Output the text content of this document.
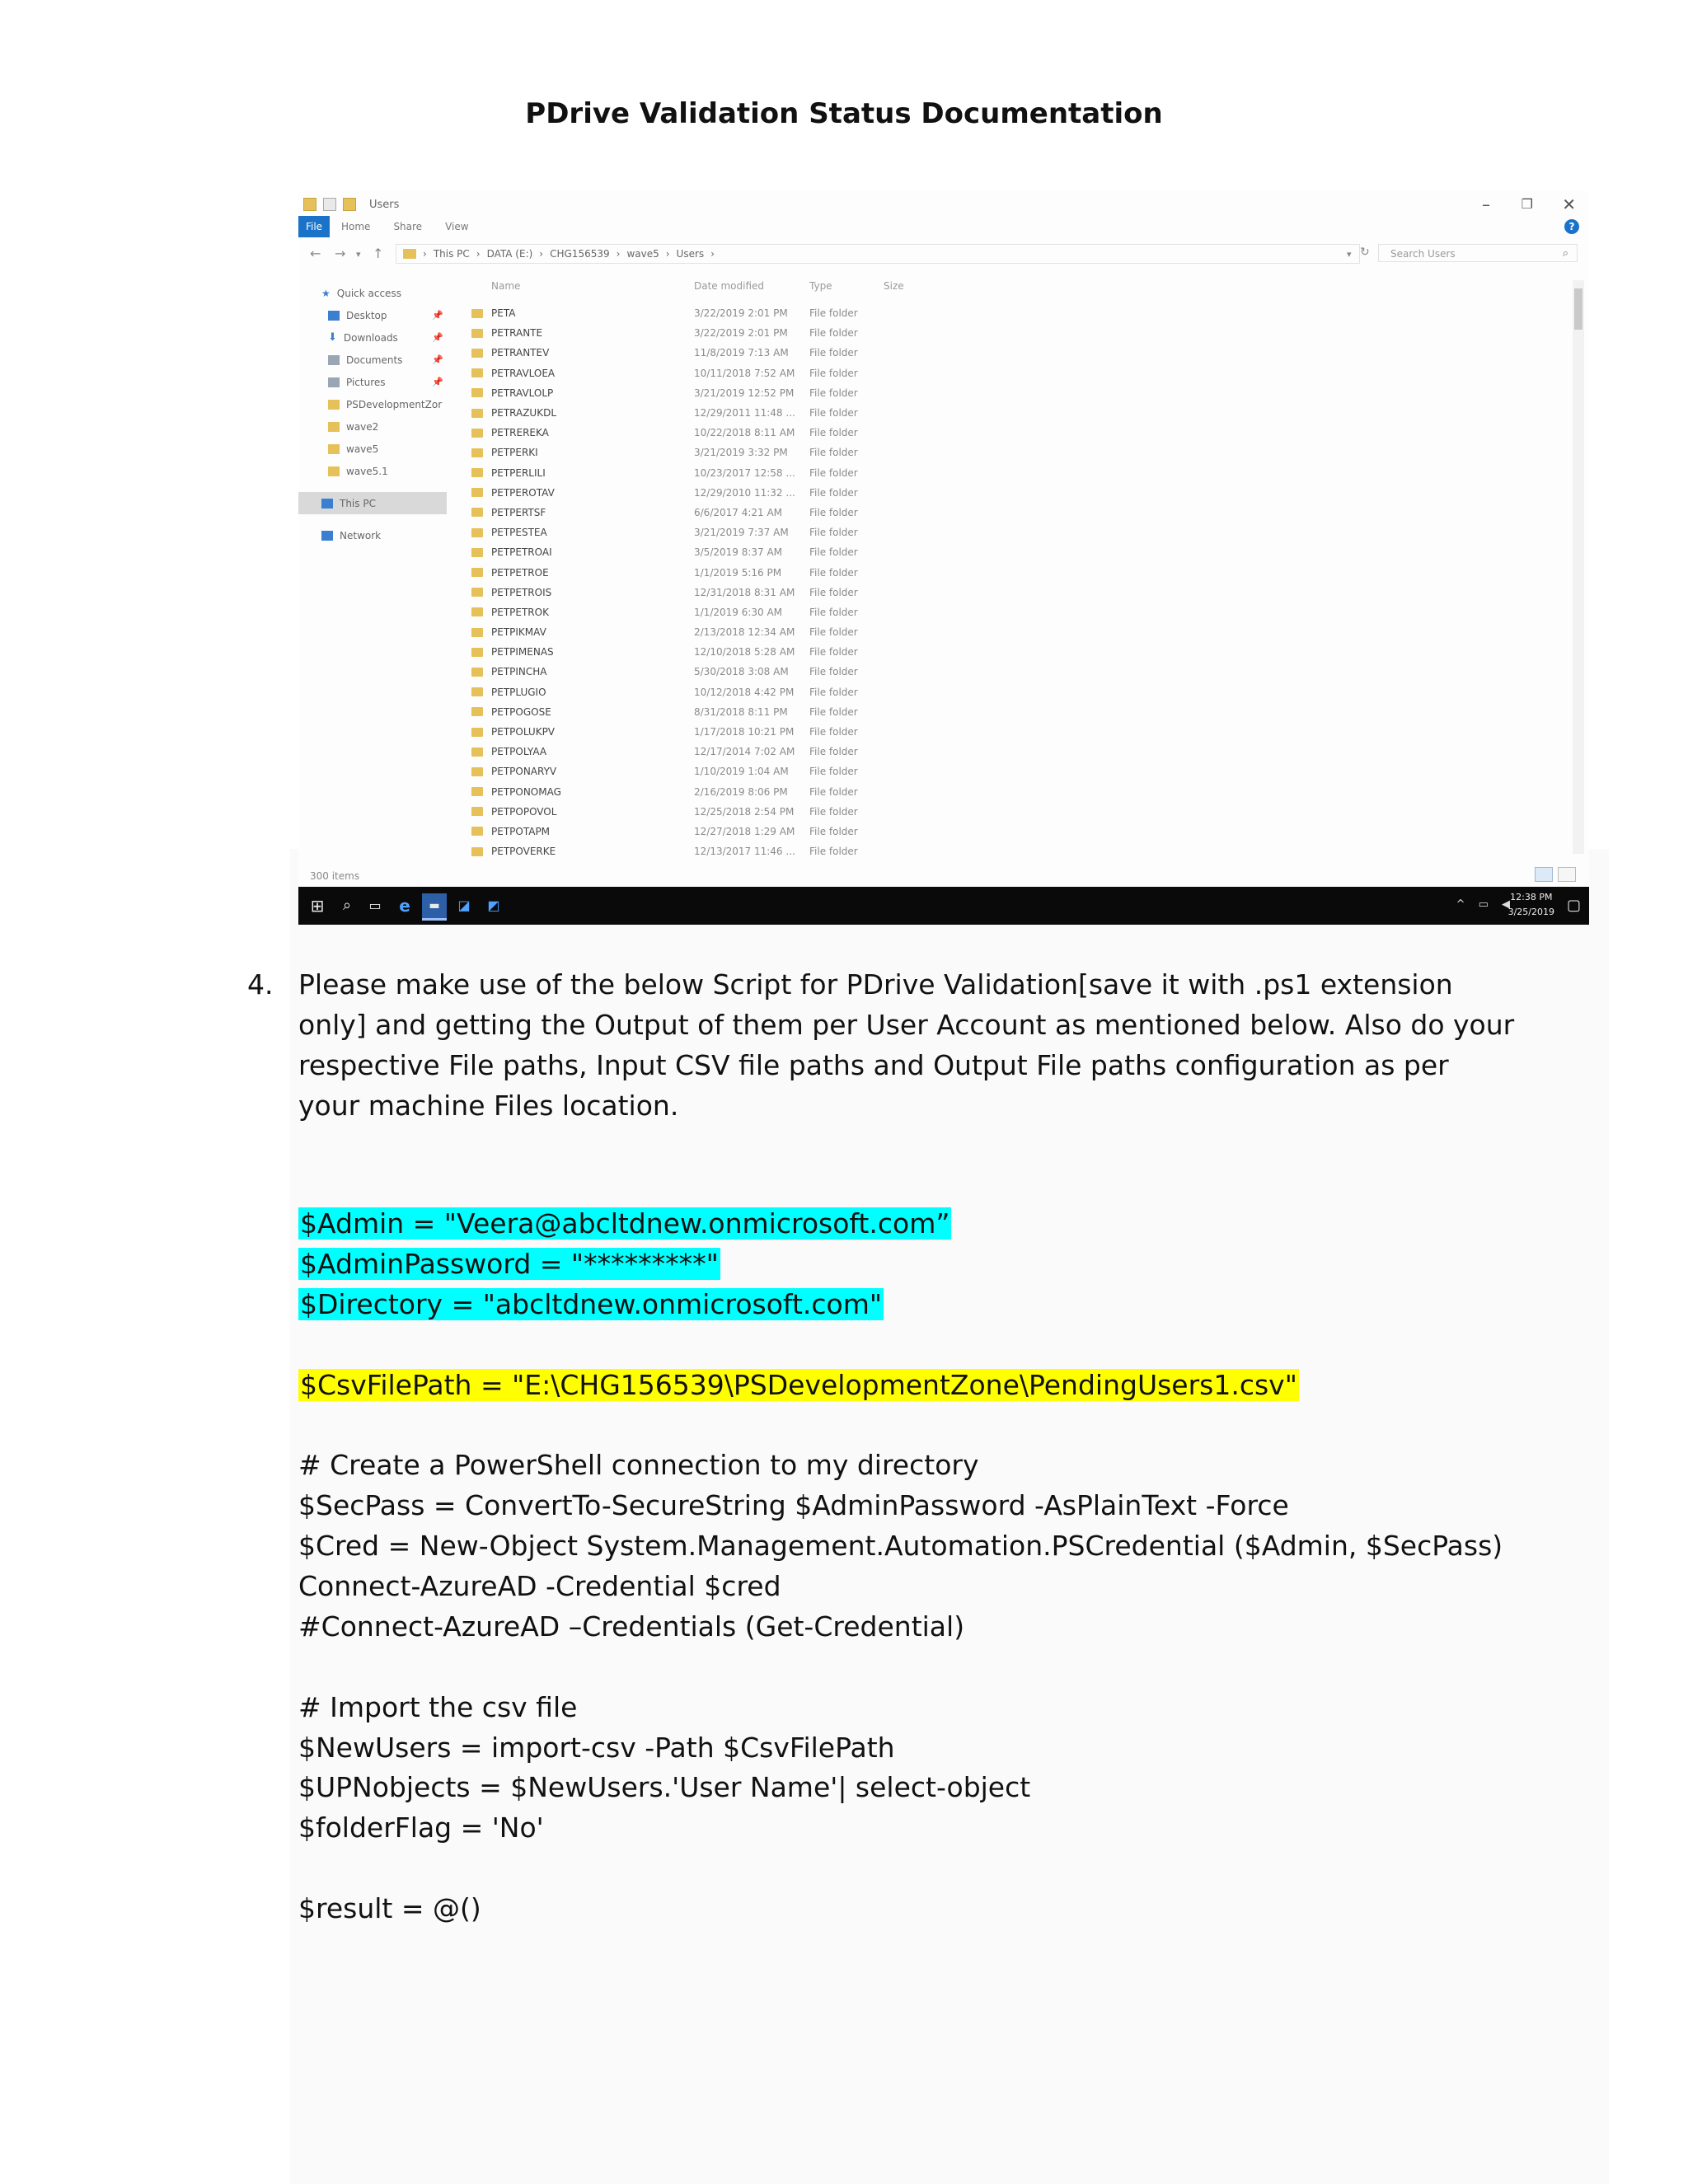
PDrive Validation Status Documentation
Users	– ❐ ✕
File	Home	Share	View	?
← → ▾ ↑	› This PC › DATA (E:) › CHG156539 › wave5 › Users ›	▾ ↻	Search Users	⌕
★ Quick access
Desktop	📌
⬇ Downloads	📌
Documents	📌
Pictures	📌
PSDevelopmentZor
wave2
wave5
wave5.1
This PC
Network
Name	Date modified	Type	Size
PETA	3/22/2019 2:01 PM File folder
PETRANTE	3/22/2019 2:01 PM File folder
PETRANTEV	11/8/2019 7:13 AM File folder
PETRAVLOEA	10/11/2018 7:52 AM File folder
PETRAVLOLP	3/21/2019 12:52 PM File folder
PETRAZUKDL	12/29/2011 11:48 ... File folder
PETREREKA	10/22/2018 8:11 AM File folder
PETPERKI	3/21/2019 3:32 PM File folder
PETPERLILI	10/23/2017 12:58 ... File folder
PETPEROTAV	12/29/2010 11:32 ... File folder
PETPERTSF	6/6/2017 4:21 AM	File folder
PETPESTEA	3/21/2019 7:37 AM File folder
PETPETROAI	3/5/2019 8:37 AM	File folder
PETPETROE	1/1/2019 5:16 PM	File folder
PETPETROIS	12/31/2018 8:31 AM File folder
PETPETROK	1/1/2019 6:30 AM	File folder
PETPIKMAV	2/13/2018 12:34 AM File folder
PETPIMENAS	12/10/2018 5:28 AM File folder
PETPINCHA	5/30/2018 3:08 AM File folder
PETPLUGIO	10/12/2018 4:42 PM File folder
PETPOGOSE	8/31/2018 8:11 PM File folder
PETPOLUKPV	1/17/2018 10:21 PM File folder
PETPOLYAA	12/17/2014 7:02 AM File folder
PETPONARYV	1/10/2019 1:04 AM File folder
PETPONOMAG	2/16/2019 8:06 PM File folder
PETPOPOVOL	12/25/2018 2:54 PM File folder
PETPOTAPM	12/27/2018 1:29 AM File folder
PETPOVERKE	12/13/2017 11:46 ... File folder
300 items
⊞	⌕	▭	e	▬	◪	◩	^ ▭ ◀
12:38 PM
3/25/2019 ▢
4. Please make use of the below Script for PDrive Validation[save it with .ps1 extension only] and getting the Output of them per User Account as mentioned below. Also do your respective File paths, Input CSV file paths and Output File paths configuration as per your machine Files location.
$Admin = "Veera@abcltdnew.onmicrosoft.com”
$AdminPassword = "*********"
$Directory = "abcltdnew.onmicrosoft.com"
$CsvFilePath = "E:\CHG156539\PSDevelopmentZone\PendingUsers1.csv"
# Create a PowerShell connection to my directory
$SecPass = ConvertTo-SecureString $AdminPassword -AsPlainText -Force
$Cred = New-Object System.Management.Automation.PSCredential ($Admin, $SecPass)
Connect-AzureAD -Credential $cred
#Connect-AzureAD –Credentials (Get-Credential)
# Import the csv file
$NewUsers = import-csv -Path $CsvFilePath
$UPNobjects = $NewUsers.'User Name'| select-object
$folderFlag = 'No'
$result = @()
